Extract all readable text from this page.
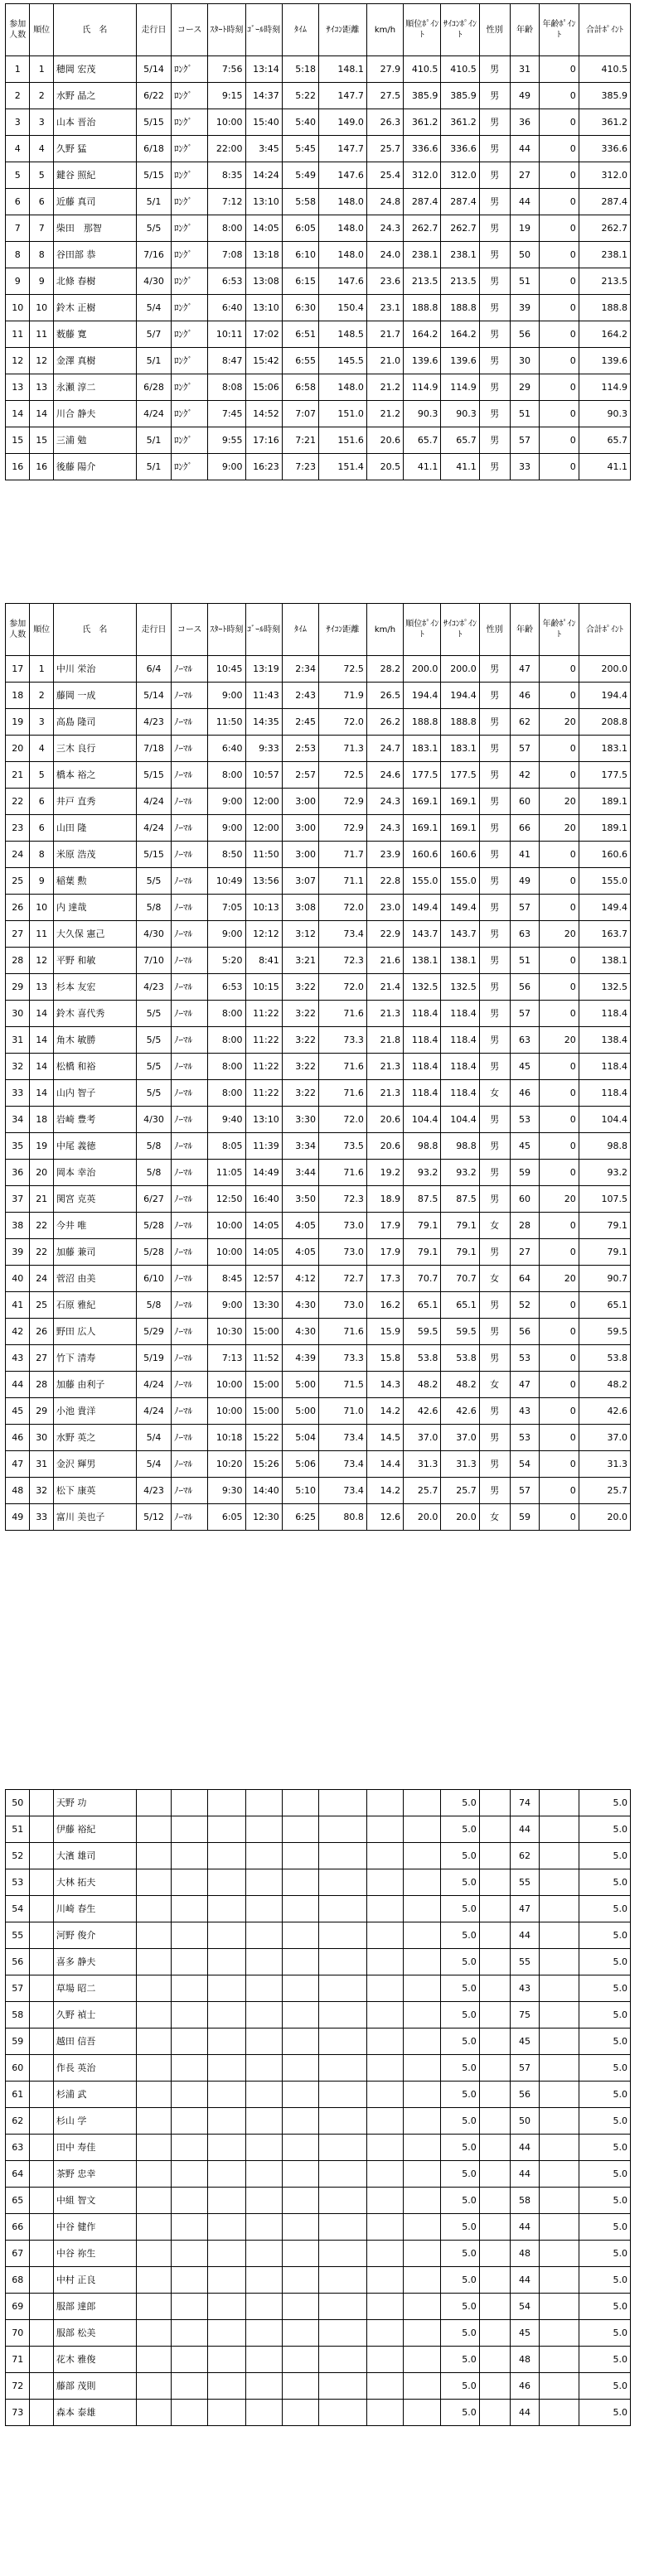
参加人数	順位	氏　名	走行日	コース	ｽﾀｰﾄ時刻	ｺﾞｰﾙ時刻	ﾀｲﾑ	ｻｲｺﾝ距離	km/h	順位ﾎﾟｲﾝﾄ	ｻｲｺﾝﾎﾟｲﾝﾄ	性別	年齢	年齢ﾎﾟｲﾝﾄ	合計ﾎﾟｲﾝﾄ
1	1	穂岡 宏茂	5/14	ﾛﾝｸﾞ	7:56	13:14	5:18	148.1	27.9	410.5	410.5	男	31	0	410.5
2	2	水野 晶之	6/22	ﾛﾝｸﾞ	9:15	14:37	5:22	147.7	27.5	385.9	385.9	男	49	0	385.9
3	3	山本 晋治	5/15	ﾛﾝｸﾞ	10:00	15:40	5:40	149.0	26.3	361.2	361.2	男	36	0	361.2
4	4	久野 猛	6/18	ﾛﾝｸﾞ	22:00	3:45	5:45	147.7	25.7	336.6	336.6	男	44	0	336.6
5	5	鍵谷 照紀	5/15	ﾛﾝｸﾞ	8:35	14:24	5:49	147.6	25.4	312.0	312.0	男	27	0	312.0
6	6	近藤 真司	5/1	ﾛﾝｸﾞ	7:12	13:10	5:58	148.0	24.8	287.4	287.4	男	44	0	287.4
7	7	柴田　那智	5/5	ﾛﾝｸﾞ	8:00	14:05	6:05	148.0	24.3	262.7	262.7	男	19	0	262.7
8	8	谷田部 恭	7/16	ﾛﾝｸﾞ	7:08	13:18	6:10	148.0	24.0	238.1	238.1	男	50	0	238.1
9	9	北條 春樹	4/30	ﾛﾝｸﾞ	6:53	13:08	6:15	147.6	23.6	213.5	213.5	男	51	0	213.5
10	10	鈴木 正樹	5/4	ﾛﾝｸﾞ	6:40	13:10	6:30	150.4	23.1	188.8	188.8	男	39	0	188.8
11	11	薮藤 寛	5/7	ﾛﾝｸﾞ	10:11	17:02	6:51	148.5	21.7	164.2	164.2	男	56	0	164.2
12	12	金澤 真樹	5/1	ﾛﾝｸﾞ	8:47	15:42	6:55	145.5	21.0	139.6	139.6	男	30	0	139.6
13	13	永瀬 淳二	6/28	ﾛﾝｸﾞ	8:08	15:06	6:58	148.0	21.2	114.9	114.9	男	29	0	114.9
14	14	川合 静夫	4/24	ﾛﾝｸﾞ	7:45	14:52	7:07	151.0	21.2	90.3	90.3	男	51	0	90.3
15	15	三浦 勉	5/1	ﾛﾝｸﾞ	9:55	17:16	7:21	151.6	20.6	65.7	65.7	男	57	0	65.7
16	16	後藤 陽介	5/1	ﾛﾝｸﾞ	9:00	16:23	7:23	151.4	20.5	41.1	41.1	男	33	0	41.1
参加人数	順位	氏　名	走行日	コース	ｽﾀｰﾄ時刻	ｺﾞｰﾙ時刻	ﾀｲﾑ	ｻｲｺﾝ距離	km/h	順位ﾎﾟｲﾝﾄ	ｻｲｺﾝﾎﾟｲﾝﾄ	性別	年齢	年齢ﾎﾟｲﾝﾄ	合計ﾎﾟｲﾝﾄ
17	1	中川 栄治	6/4	ﾉｰﾏﾙ	10:45	13:19	2:34	72.5	28.2	200.0	200.0	男	47	0	200.0
18	2	藤岡 一成	5/14	ﾉｰﾏﾙ	9:00	11:43	2:43	71.9	26.5	194.4	194.4	男	46	0	194.4
19	3	高島 隆司	4/23	ﾉｰﾏﾙ	11:50	14:35	2:45	72.0	26.2	188.8	188.8	男	62	20	208.8
20	4	三木 良行	7/18	ﾉｰﾏﾙ	6:40	9:33	2:53	71.3	24.7	183.1	183.1	男	57	0	183.1
21	5	橋本 裕之	5/15	ﾉｰﾏﾙ	8:00	10:57	2:57	72.5	24.6	177.5	177.5	男	42	0	177.5
22	6	井戸 直秀	4/24	ﾉｰﾏﾙ	9:00	12:00	3:00	72.9	24.3	169.1	169.1	男	60	20	189.1
23	6	山田 隆	4/24	ﾉｰﾏﾙ	9:00	12:00	3:00	72.9	24.3	169.1	169.1	男	66	20	189.1
24	8	米原 浩茂	5/15	ﾉｰﾏﾙ	8:50	11:50	3:00	71.7	23.9	160.6	160.6	男	41	0	160.6
25	9	稲葉 勲	5/5	ﾉｰﾏﾙ	10:49	13:56	3:07	71.1	22.8	155.0	155.0	男	49	0	155.0
26	10	内 達哉	5/8	ﾉｰﾏﾙ	7:05	10:13	3:08	72.0	23.0	149.4	149.4	男	57	0	149.4
27	11	大久保 憲己	4/30	ﾉｰﾏﾙ	9:00	12:12	3:12	73.4	22.9	143.7	143.7	男	63	20	163.7
28	12	平野 和敏	7/10	ﾉｰﾏﾙ	5:20	8:41	3:21	72.3	21.6	138.1	138.1	男	51	0	138.1
29	13	杉本 友宏	4/23	ﾉｰﾏﾙ	6:53	10:15	3:22	72.0	21.4	132.5	132.5	男	56	0	132.5
30	14	鈴木 喜代秀	5/5	ﾉｰﾏﾙ	8:00	11:22	3:22	71.6	21.3	118.4	118.4	男	57	0	118.4
31	14	角木 敏勝	5/5	ﾉｰﾏﾙ	8:00	11:22	3:22	73.3	21.8	118.4	118.4	男	63	20	138.4
32	14	松橋 和裕	5/5	ﾉｰﾏﾙ	8:00	11:22	3:22	71.6	21.3	118.4	118.4	男	45	0	118.4
33	14	山内 智子	5/5	ﾉｰﾏﾙ	8:00	11:22	3:22	71.6	21.3	118.4	118.4	女	46	0	118.4
34	18	岩崎 豊考	4/30	ﾉｰﾏﾙ	9:40	13:10	3:30	72.0	20.6	104.4	104.4	男	53	0	104.4
35	19	中尾 義徳	5/8	ﾉｰﾏﾙ	8:05	11:39	3:34	73.5	20.6	98.8	98.8	男	45	0	98.8
36	20	岡本 幸治	5/8	ﾉｰﾏﾙ	11:05	14:49	3:44	71.6	19.2	93.2	93.2	男	59	0	93.2
37	21	関宮 克英	6/27	ﾉｰﾏﾙ	12:50	16:40	3:50	72.3	18.9	87.5	87.5	男	60	20	107.5
38	22	今井 唯	5/28	ﾉｰﾏﾙ	10:00	14:05	4:05	73.0	17.9	79.1	79.1	女	28	0	79.1
39	22	加藤 兼司	5/28	ﾉｰﾏﾙ	10:00	14:05	4:05	73.0	17.9	79.1	79.1	男	27	0	79.1
40	24	菅沼 由美	6/10	ﾉｰﾏﾙ	8:45	12:57	4:12	72.7	17.3	70.7	70.7	女	64	20	90.7
41	25	石原 雅紀	5/8	ﾉｰﾏﾙ	9:00	13:30	4:30	73.0	16.2	65.1	65.1	男	52	0	65.1
42	26	野田 広人	5/29	ﾉｰﾏﾙ	10:30	15:00	4:30	71.6	15.9	59.5	59.5	男	56	0	59.5
43	27	竹下 清寿	5/19	ﾉｰﾏﾙ	7:13	11:52	4:39	73.3	15.8	53.8	53.8	男	53	0	53.8
44	28	加藤 由利子	4/24	ﾉｰﾏﾙ	10:00	15:00	5:00	71.5	14.3	48.2	48.2	女	47	0	48.2
45	29	小池 貴洋	4/24	ﾉｰﾏﾙ	10:00	15:00	5:00	71.0	14.2	42.6	42.6	男	43	0	42.6
46	30	水野 英之	5/4	ﾉｰﾏﾙ	10:18	15:22	5:04	73.4	14.5	37.0	37.0	男	53	0	37.0
47	31	金沢 輝男	5/4	ﾉｰﾏﾙ	10:20	15:26	5:06	73.4	14.4	31.3	31.3	男	54	0	31.3
48	32	松下 康英	4/23	ﾉｰﾏﾙ	9:30	14:40	5:10	73.4	14.2	25.7	25.7	男	57	0	25.7
49	33	富川 美也子	5/12	ﾉｰﾏﾙ	6:05	12:30	6:25	80.8	12.6	20.0	20.0	女	59	0	20.0
50		天野 功									5.0		74		5.0
51		伊藤 裕紀									5.0		44		5.0
52		大濱 雄司									5.0		62		5.0
53		大林 拓夫									5.0		55		5.0
54		川崎 春生									5.0		47		5.0
55		河野 俊介									5.0		44		5.0
56		喜多 静夫									5.0		55		5.0
57		草場 昭二									5.0		43		5.0
58		久野 禎士									5.0		75		5.0
59		越田 信吾									5.0		45		5.0
60		作長 英治									5.0		57		5.0
61		杉浦 武									5.0		56		5.0
62		杉山 学									5.0		50		5.0
63		田中 寿佳									5.0		44		5.0
64		茶野 忠幸									5.0		44		5.0
65		中組 智文									5.0		58		5.0
66		中谷 健作									5.0		44		5.0
67		中谷 祢生									5.0		48		5.0
68		中村 正良									5.0		44		5.0
69		服部 達郎									5.0		54		5.0
70		服部 松美									5.0		45		5.0
71		花木 雅俊									5.0		48		5.0
72		藤部 茂則									5.0		46		5.0
73		森本 泰雄									5.0		44		5.0
